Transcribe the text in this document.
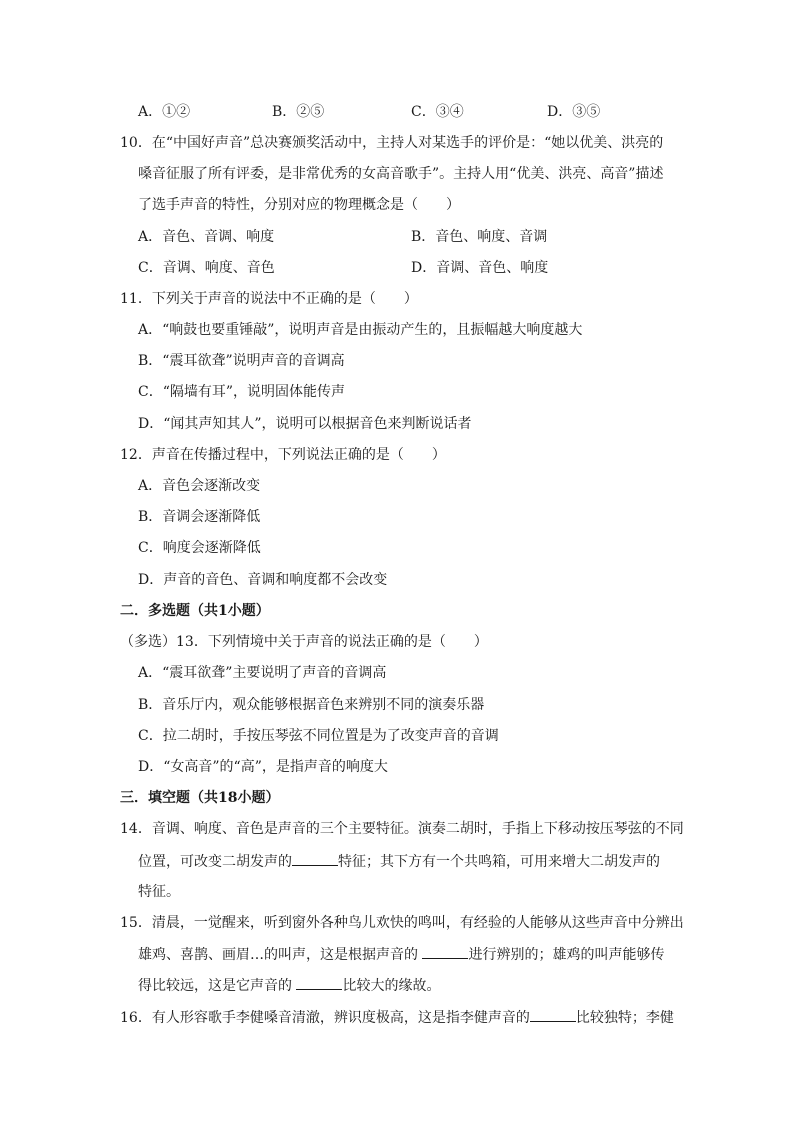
A．①②	B．②⑤	C．③④	D．③⑤
10．在“中国好声音”总决赛颁奖活动中，主持人对某选手的评价是：“她以优美、洪亮的
嗓音征服了所有评委，是非常优秀的女高音歌手”。主持人用“优美、洪亮、高音”描述
了选手声音的特性，分别对应的物理概念是（　　）
A．音色、音调、响度	B．音色、响度、音调
C．音调、响度、音色	D．音调、音色、响度
11．下列关于声音的说法中不正确的是（　　）
A．“响鼓也要重锤敲”，说明声音是由振动产生的，且振幅越大响度越大
B．“震耳欲聋”说明声音的音调高
C．“隔墙有耳”，说明固体能传声
D．“闻其声知其人”，说明可以根据音色来判断说话者
12．声音在传播过程中，下列说法正确的是（　　）
A．音色会逐渐改变
B．音调会逐渐降低
C．响度会逐渐降低
D．声音的音色、音调和响度都不会改变
二．多选题（共1小题）
（多选）13．下列情境中关于声音的说法正确的是（　　）
A．“震耳欲聋”主要说明了声音的音调高
B．音乐厅内，观众能够根据音色来辨别不同的演奏乐器
C．拉二胡时，手按压琴弦不同位置是为了改变声音的音调
D．“女高音”的“高”，是指声音的响度大
三．填空题（共18小题）
14．音调、响度、音色是声音的三个主要特征。演奏二胡时，手指上下移动按压琴弦的不同
位置，可改变二胡发声的	特征；其下方有一个共鸣箱，可用来增大二胡发声的
特征。
15．清晨，一觉醒来，听到窗外各种鸟儿欢快的鸣叫，有经验的人能够从这些声音中分辨出
雄鸡、喜鹊、画眉…的叫声，这是根据声音的	进行辨别的；雄鸡的叫声能够传
得比较远，这是它声音的	比较大的缘故。
16．有人形容歌手李健嗓音清澈，辨识度极高，这是指李健声音的	比较独特；李健
